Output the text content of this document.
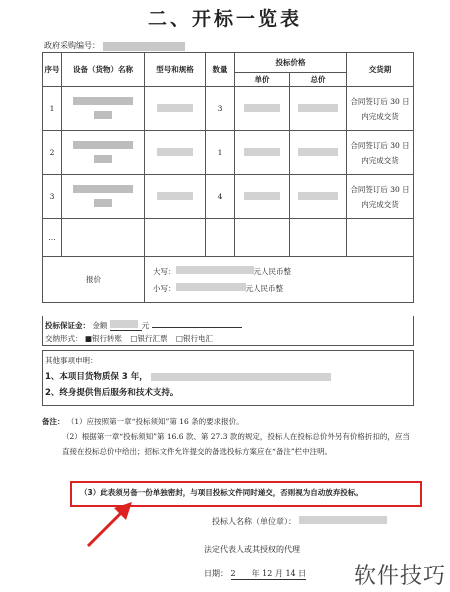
二、开标一览表
政府采购编号：
序号	设备（货物）名称	型号和规格	数量	投标价格		交货期
				单价	总价	
1			3			合同签订后 30 日内完成交货
2			1			合同签订后 30 日内完成交货
3			4			合同签订后 30 日内完成交货
…						
报价		大写： 元人民币整
小写： 元人民币整				
投标保证金： 金额	元
交纳形式： ■银行转账 □银行汇票 □银行电汇
其他事项申明：
1、本项目货物质保 3 年，
2、终身提供售后服务和技术支持。
备注： （1）应按照第一章“投标须知”第 16 条的要求报价。
（2）根据第一章“投标须知”第 16.6 款、第 27.3 款的规定，投标人在投标总价外另有价格折扣的，应当直接在投标总价中给出；招标文件允许提交的备选投标方案应在“备注”栏中注明。
（3）此表须另备一份单独密封，与项目投标文件同时递交，否则视为自动放弃投标。
投标人名称（单位章）：
法定代表人或其授权的代理
日期： 2　　年 12 月 14 日 软件技巧
